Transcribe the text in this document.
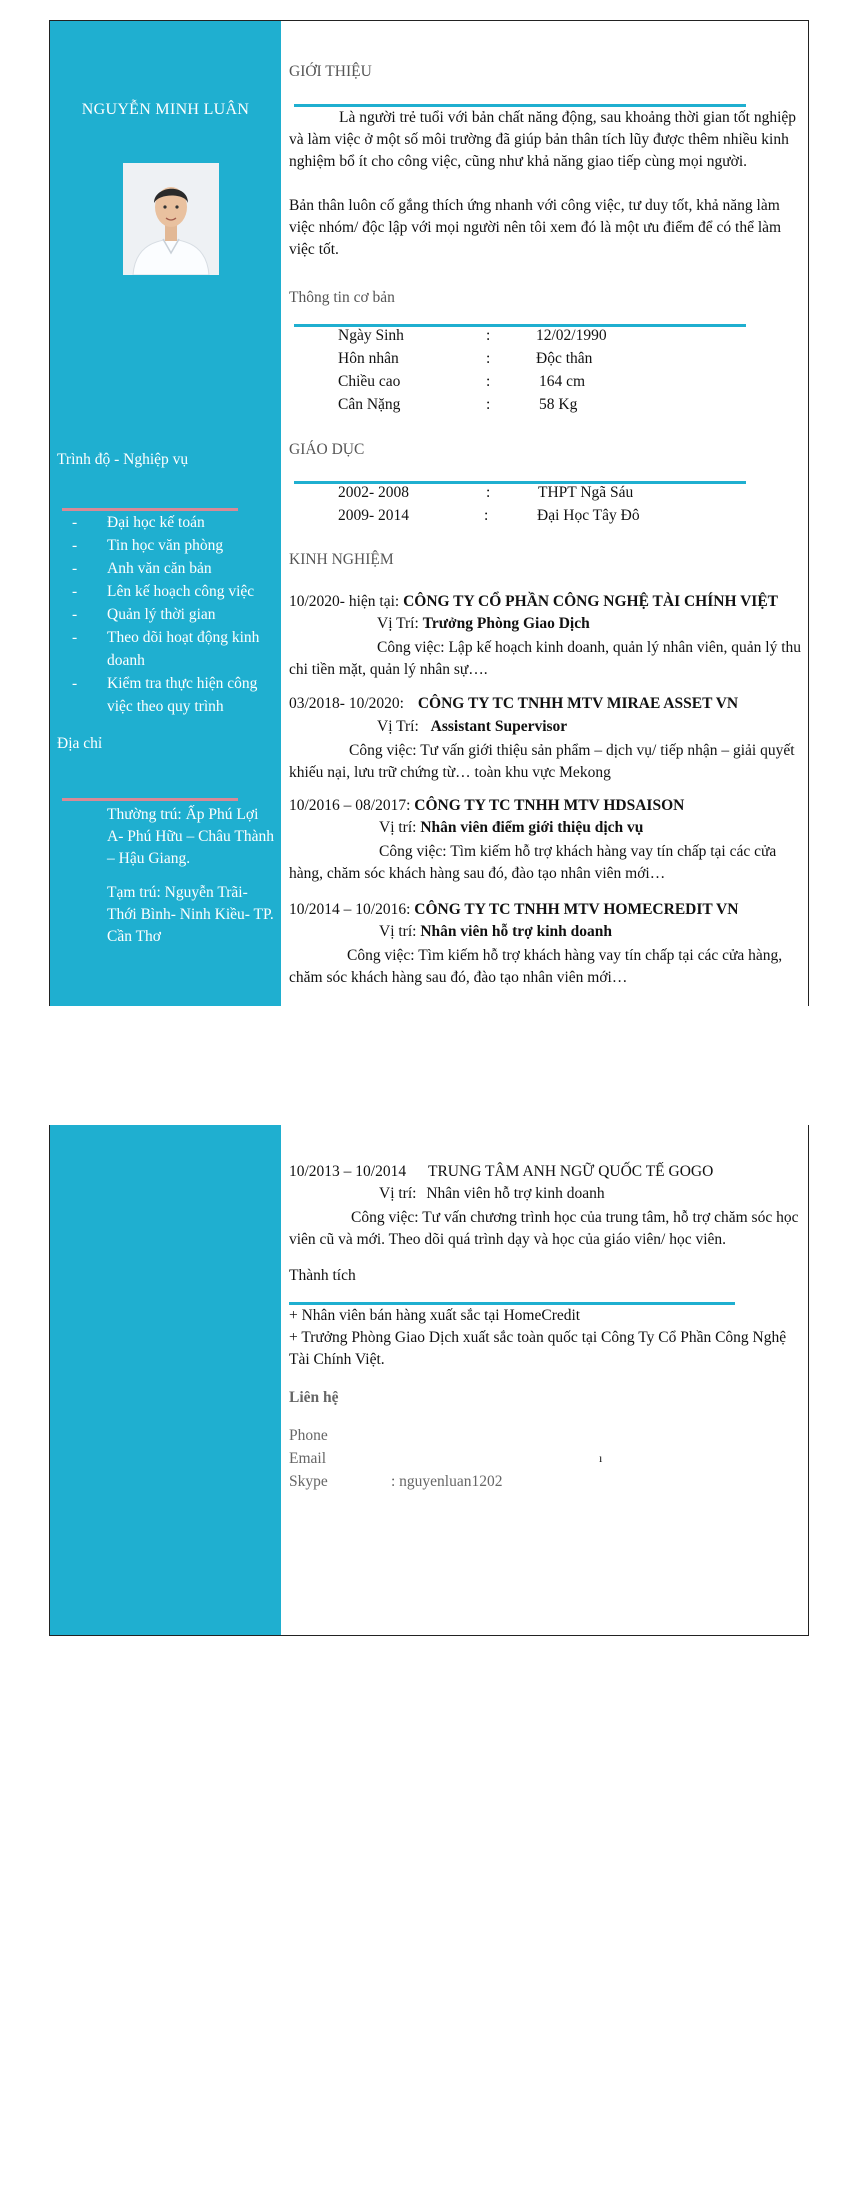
NGUYỄN MINH LUÂN
Trình độ - Nghiệp vụ
- Đại học kế toán
- Tin học văn phòng
- Anh văn căn bản
- Lên kế hoạch công việc
- Quản lý thời gian
- Theo dõi hoạt động kinh doanh
- Kiểm tra thực hiện công việc theo quy trình
Địa chỉ
Thường trú: Ấp Phú Lợi A- Phú Hữu – Châu Thành – Hậu Giang.
Tạm trú: Nguyễn Trãi- Thới Bình- Ninh Kiều- TP. Cần Thơ
GIỚI THIỆU
Là người trẻ tuổi với bản chất năng động, sau khoảng thời gian tốt nghiệp và làm việc ở một số môi trường đã giúp bản thân tích lũy được thêm nhiều kinh nghiệm bổ ít cho công việc, cũng như khả năng giao tiếp cùng mọi người.
Bản thân luôn cố gắng thích ứng nhanh với công việc, tư duy tốt, khả năng làm việc nhóm/ độc lập với mọi người nên tôi xem đó là một ưu điểm để có thể làm việc tốt.
Thông tin cơ bản
Ngày Sinh	:	12/02/1990
Hôn nhân	:	Độc thân
Chiều cao	:	164 cm
Cân Nặng	:	58 Kg
GIÁO DỤC
2002- 2008	:	THPT Ngã Sáu
2009- 2014	:	Đại Học Tây Đô
KINH NGHIỆM
10/2020- hiện tại: CÔNG TY CỔ PHẦN CÔNG NGHỆ TÀI CHÍNH VIỆT
Vị Trí: Trưởng Phòng Giao Dịch
Công việc: Lập kế hoạch kinh doanh, quản lý nhân viên, quản lý thu chi tiền mặt, quản lý nhân sự….
03/2018- 10/2020: CÔNG TY TC TNHH MTV MIRAE ASSET VN
Vị Trí: Assistant Supervisor
Công việc: Tư vấn giới thiệu sản phẩm – dịch vụ/ tiếp nhận – giải quyết khiếu nại, lưu trữ chứng từ… toàn khu vực Mekong
10/2016 – 08/2017: CÔNG TY TC TNHH MTV HDSAISON
Vị trí: Nhân viên điểm giới thiệu dịch vụ
Công việc: Tìm kiếm hỗ trợ khách hàng vay tín chấp tại các cửa hàng, chăm sóc khách hàng sau đó, đào tạo nhân viên mới…
10/2014 – 10/2016: CÔNG TY TC TNHH MTV HOMECREDIT VN
Vị trí: Nhân viên hỗ trợ kinh doanh
Công việc: Tìm kiếm hỗ trợ khách hàng vay tín chấp tại các cửa hàng, chăm sóc khách hàng sau đó, đào tạo nhân viên mới…
10/2013 – 10/2014 TRUNG TÂM ANH NGỮ QUỐC TẾ GOGO
Vị trí: Nhân viên hỗ trợ kinh doanh
Công việc: Tư vấn chương trình học của trung tâm, hỗ trợ chăm sóc học viên cũ và mới. Theo dõi quá trình dạy và học của giáo viên/ học viên.
Thành tích
+ Nhân viên bán hàng xuất sắc tại HomeCredit
+ Trưởng Phòng Giao Dịch xuất sắc toàn quốc tại Công Ty Cổ Phần Công Nghệ Tài Chính Việt.
Liên hệ
Phone
Email	ı
Skype	: nguyenluan1202
